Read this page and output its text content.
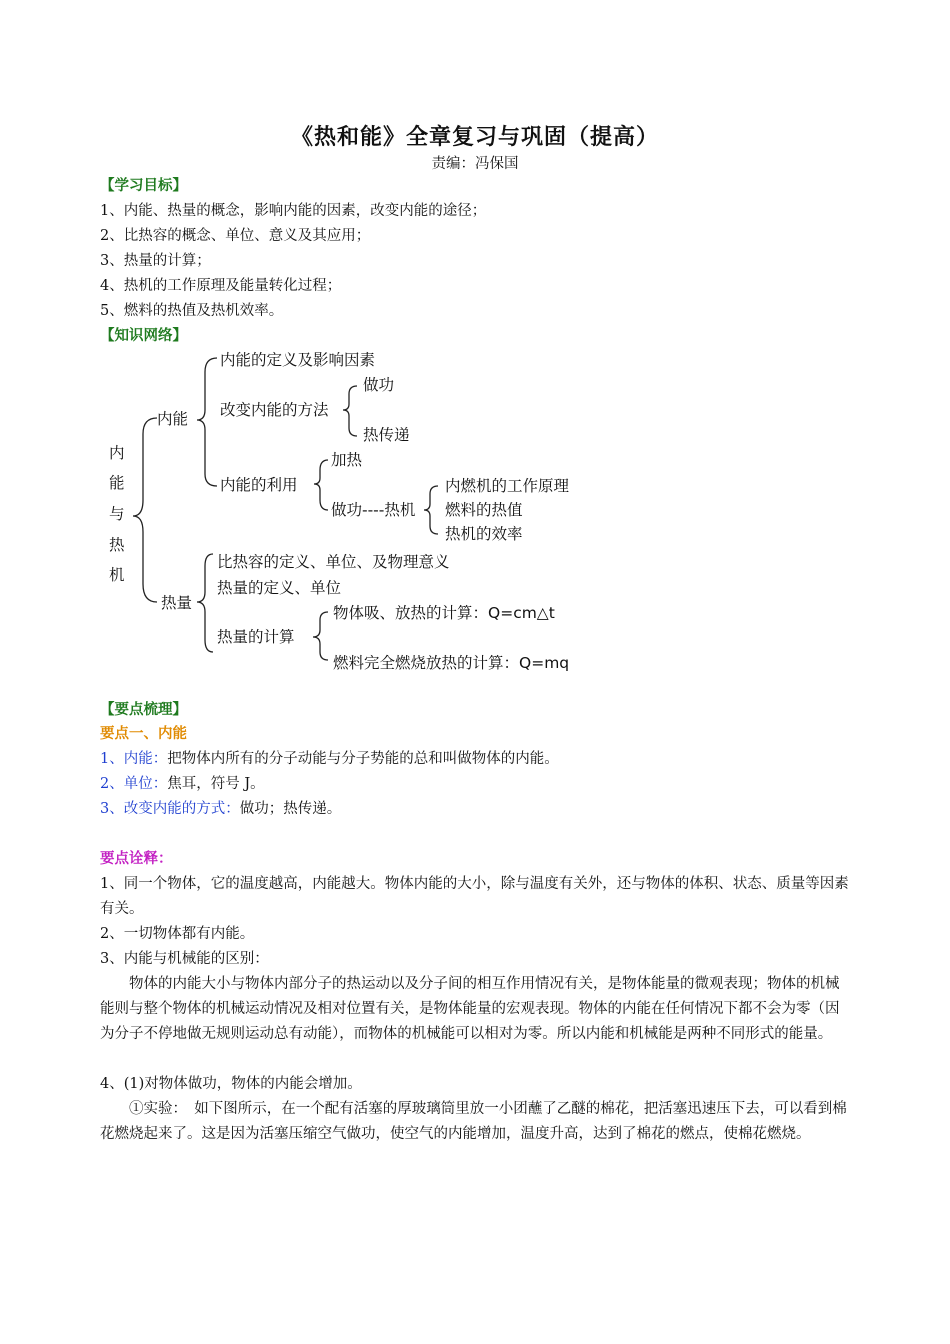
《热和能》全章复习与巩固（提高）
责编：冯保国
【学习目标】
1、内能、热量的概念，影响内能的因素，改变内能的途径；
2、比热容的概念、单位、意义及其应用；
3、热量的计算；
4、热机的工作原理及能量转化过程；
5、燃料的热值及热机效率。
【知识网络】
内
能
与
热
机
内能
内能的定义及影响因素
改变内能的方法
做功
热传递
内能的利用
加热
做功----热机
内燃机的工作原理
燃料的热值
热机的效率
热量
比热容的定义、单位、及物理意义
热量的定义、单位
热量的计算
物体吸、放热的计算：Q=cm△t
燃料完全燃烧放热的计算：Q=mq
【要点梳理】
要点一、内能
1、内能：把物体内所有的分子动能与分子势能的总和叫做物体的内能。
2、单位：焦耳，符号 J。
3、改变内能的方式：做功；热传递。
要点诠释：
1、同一个物体，它的温度越高，内能越大。物体内能的大小，除与温度有关外，还与物体的体积、状态、质量等因素有关。
2、一切物体都有内能。
3、内能与机械能的区别：
物体的内能大小与物体内部分子的热运动以及分子间的相互作用情况有关，是物体能量的微观表现；物体的机械能则与整个物体的机械运动情况及相对位置有关，是物体能量的宏观表现。物体的内能在任何情况下都不会为零（因为分子不停地做无规则运动总有动能），而物体的机械能可以相对为零。所以内能和机械能是两种不同形式的能量。
4、(1)对物体做功，物体的内能会增加。
①实验：　如下图所示，在一个配有活塞的厚玻璃筒里放一小团蘸了乙醚的棉花，把活塞迅速压下去，可以看到棉花燃烧起来了。这是因为活塞压缩空气做功，使空气的内能增加，温度升高，达到了棉花的燃点，使棉花燃烧。
